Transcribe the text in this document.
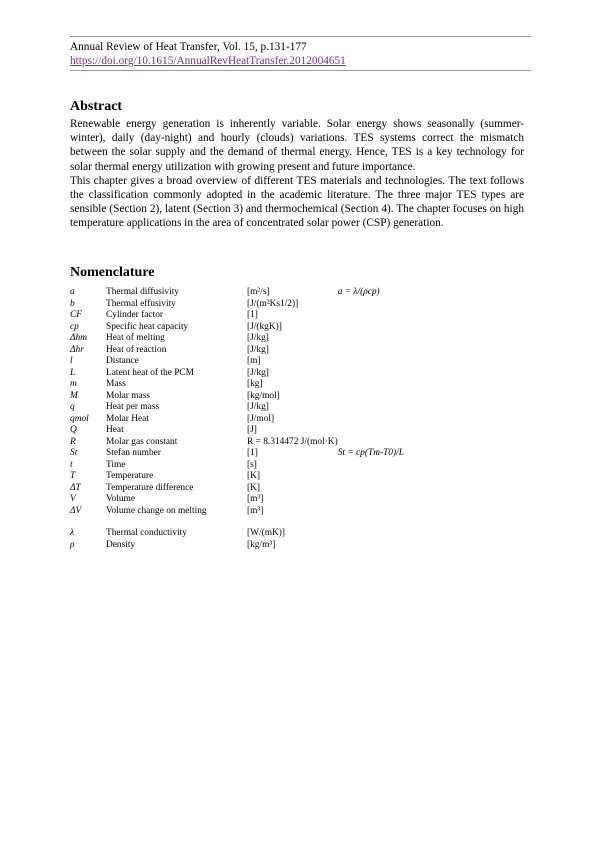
Annual Review of Heat Transfer, Vol. 15, p.131-177
https://doi.org/10.1615/AnnualRevHeatTransfer.2012004651
Abstract

Renewable energy generation is inherently variable. Solar energy shows seasonally (summer-winter), daily (day-night) and hourly (clouds) variations. TES systems correct the mismatch between the solar supply and the demand of thermal energy. Hence, TES is a key technology for solar thermal energy utilization with growing present and future importance.

This chapter gives a broad overview of different TES materials and technologies. The text follows the classification commonly adopted in the academic literature. The three major TES types are sensible (Section 2), latent (Section 3) and thermochemical (Section 4). The chapter focuses on high temperature applications in the area of concentrated solar power (CSP) generation.

Nomenclature
a	Thermal diffusivity	[m²/s]	a = λ/(ρcp)
b	Thermal effusivity	[J/(m²Ks1/2)]	
CF	Cylinder factor	[1]	
cp	Specific heat capacity	[J/(kgK)]	
Δhm	Heat of melting	[J/kg]	
Δhr	Heat of reaction	[J/kg]	
l	Distance	[m]	
L	Latent heat of the PCM	[J/kg]	
m	Mass	[kg]	
M	Molar mass	[kg/mol]	
q	Heat per mass	[J/kg]	
qmol	Molar Heat	[J/mol]	
Q	Heat	[J]	
R	Molar gas constant	R = 8.314472 J/(mol·K)	
St	Stefan number	[1]	St = cp(Tm-T0)/L
t	Time	[s]	
T	Temperature	[K]	
ΔT	Temperature difference	[K]	
V	Volume	[m³]	
ΔV	Volume change on melting	[m³]	

λ	Thermal conductivity	[W/(mK)]	
ρ	Density	[kg/m³]	
